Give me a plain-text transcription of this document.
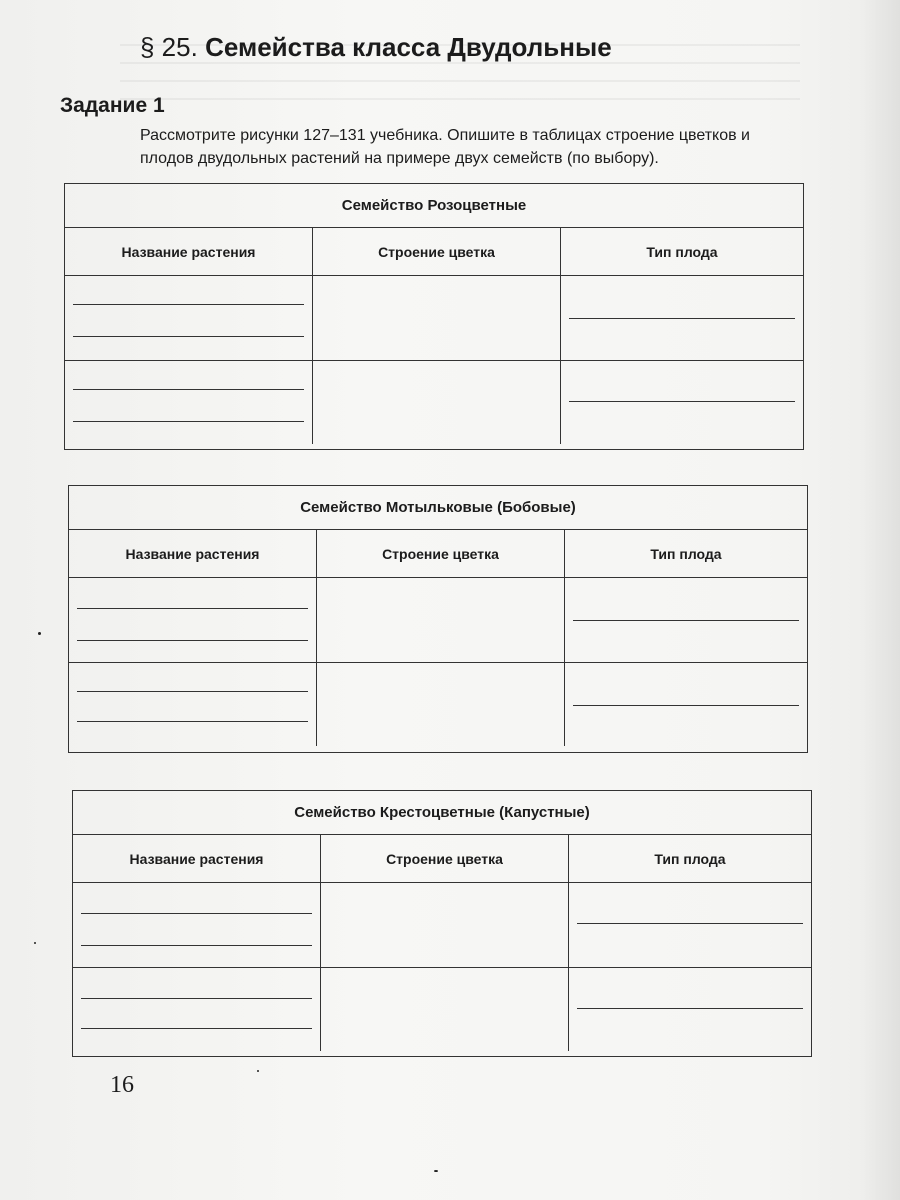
§ 25. Семейства класса Двудольные
Задание 1
Рассмотрите рисунки 127–131 учебника. Опишите в таблицах строение цветков и плодов двудольных растений на примере двух семейств (по выбору).
Семейство Розоцветные
Название растения	Строение цветка	Тип плода
Семейство Мотыльковые (Бобовые)
Название растения	Строение цветка	Тип плода
Семейство Крестоцветные (Капустные)
Название растения	Строение цветка	Тип плода
16
